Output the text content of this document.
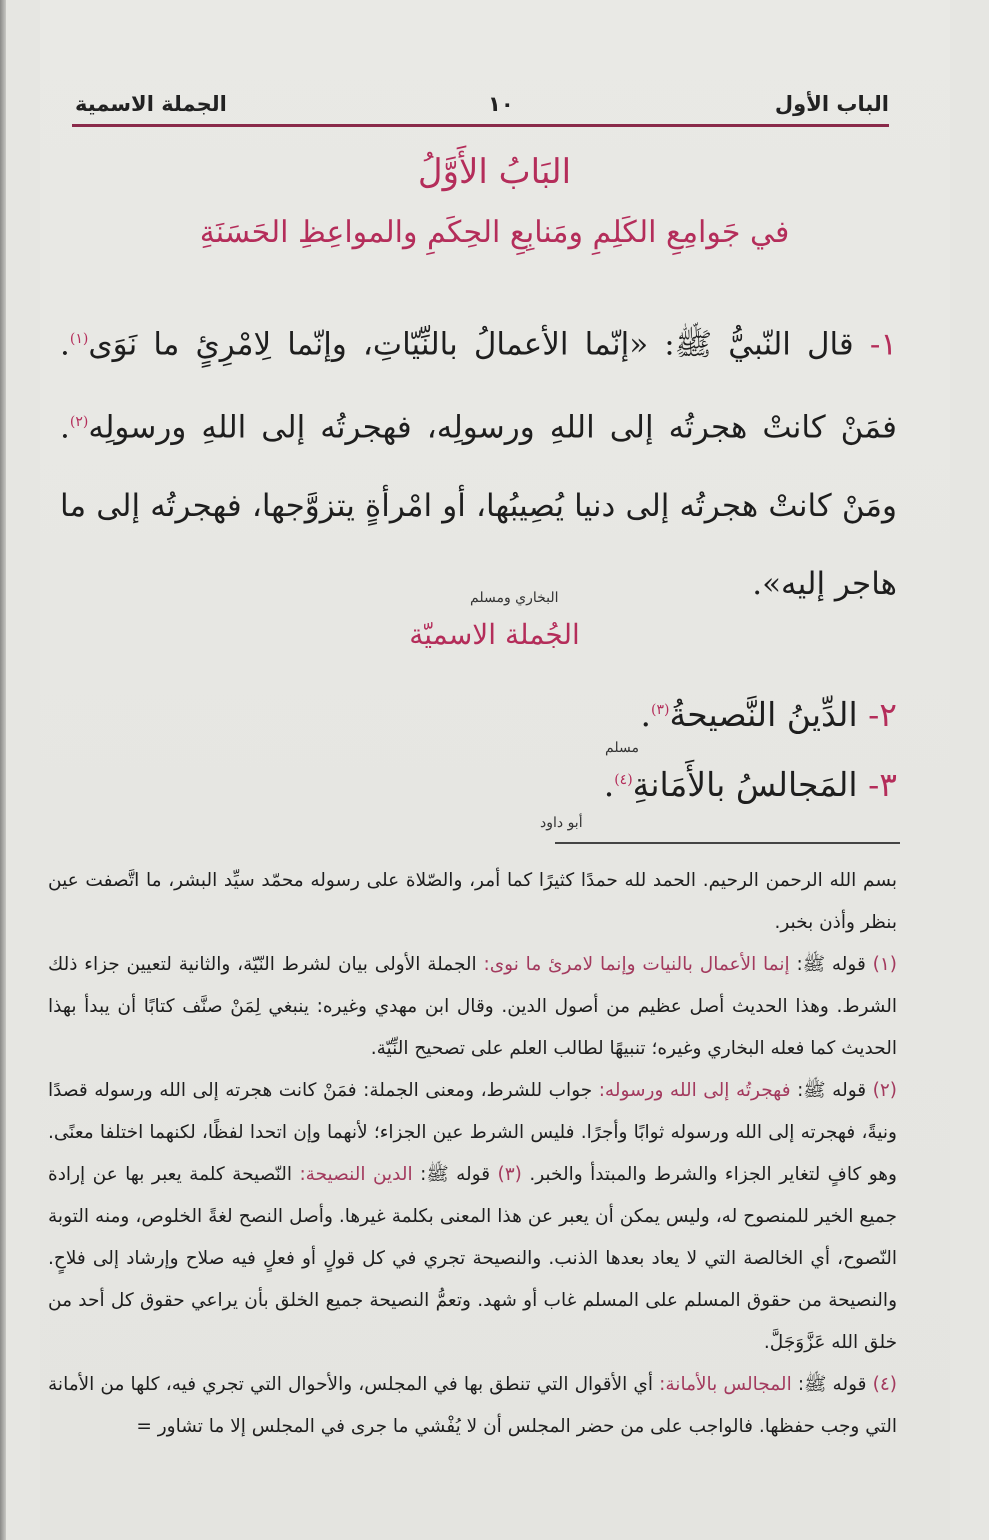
الباب الأول
١٠
الجملة الاسمية
البَابُ الأَوَّلُ
في جَوامِعِ الكَلِمِ ومَنابِعِ الحِكَمِ والمواعِظِ الحَسَنَةِ
١- قال النّبيُّ ﷺ: «إنّما الأعمالُ بالنِّيّاتِ، وإنّما لِامْرِئٍ ما نَوَى$^{(١)}$. فمَنْ كانتْ هجرتُه إلى اللهِ ورسولِه، فهجرتُه إلى اللهِ ورسولِه$^{(٢)}$. ومَنْ كانتْ هجرتُه إلى دنيا يُصِيبُها، أو امْرأةٍ يتزوَّجها، فهجرتُه إلى ما هاجر إليه».
البخاري ومسلم
الجُملة الاسميّة
٢- الدِّينُ النَّصيحةُ$^{(٣)}$.
مسلم
٣- المَجالسُ بالأَمَانةِ$^{(٤)}$.
أبو داود

بسم الله الرحمن الرحيم. الحمد لله حمدًا كثيرًا كما أمر، والصّلاة على رسوله محمّد سيِّد البشر، ما اتَّصفت عين بنظر وأذن بخبر.

(١) قوله ﷺ: إنما الأعمال بالنيات وإنما لامرئ ما نوى: الجملة الأولى بيان لشرط النّيّة، والثانية لتعيين جزاء ذلك الشرط. وهذا الحديث أصل عظيم من أصول الدين. وقال ابن مهدي وغيره: ينبغي لِمَنْ صنَّف كتابًا أن يبدأ بهذا الحديث كما فعله البخاري وغيره؛ تنبيهًا لطالب العلم على تصحيح النِّيّة.

(٢) قوله ﷺ: فهجرتُه إلى الله ورسوله: جواب للشرط، ومعنى الجملة: فمَنْ كانت هجرته إلى الله ورسوله قصدًا ونيةً، فهجرته إلى الله ورسوله ثوابًا وأجرًا. فليس الشرط عين الجزاء؛ لأنهما وإن اتحدا لفظًا، لكنهما اختلفا معنًى. وهو كافٍ لتغاير الجزاء والشرط والمبتدأ والخبر. (٣) قوله ﷺ: الدين النصيحة: النّصيحة كلمة يعبر بها عن إرادة جميع الخير للمنصوح له، وليس يمكن أن يعبر عن هذا المعنى بكلمة غيرها. وأصل النصح لغةً الخلوص، ومنه التوبة النّصوح، أي الخالصة التي لا يعاد بعدها الذنب. والنصيحة تجري في كل قولٍ أو فعلٍ فيه صلاح وإرشاد إلى فلاحٍ. والنصيحة من حقوق المسلم على المسلم غاب أو شهد. وتعمُّ النصيحة جميع الخلق بأن يراعي حقوق كل أحد من خلق الله عَزَّوَجَلَّ.

(٤) قوله ﷺ: المجالس بالأمانة: أي الأقوال التي تنطق بها في المجلس، والأحوال التي تجري فيه، كلها من الأمانة التي وجب حفظها. فالواجب على من حضر المجلس أن لا يُفْشي ما جرى في المجلس إلا ما تشاور =
